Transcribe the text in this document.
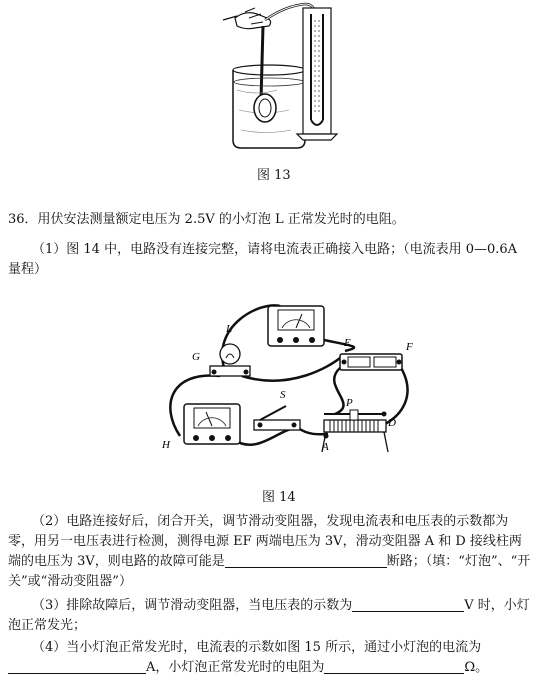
图 13
36．用伏安法测量额定电压为 2.5V 的小灯泡 L 正常发光时的电阻。
（1）图 14 中，电路没有连接完整，请将电流表正确接入电路；（电流表用 0—0.6A
量程）
L
G
E	F
S
P
H	A
D
图 14
（2）电路连接好后，闭合开关，调节滑动变阻器，发现电流表和电压表的示数都为
零，用另一电压表进行检测，测得电源 EF 两端电压为 3V，滑动变阻器 A 和 D 接线柱两
端的电压为 3V，则电路的故障可能是	断路；（填：“灯泡”、“开
关”或“滑动变阻器”）
（3）排除故障后，调节滑动变阻器，当电压表的示数为	V 时，小灯
泡正常发光；
（4）当小灯泡正常发光时，电流表的示数如图 15 所示，通过小灯泡的电流为
A，小灯泡正常发光时的电阻为	Ω。
